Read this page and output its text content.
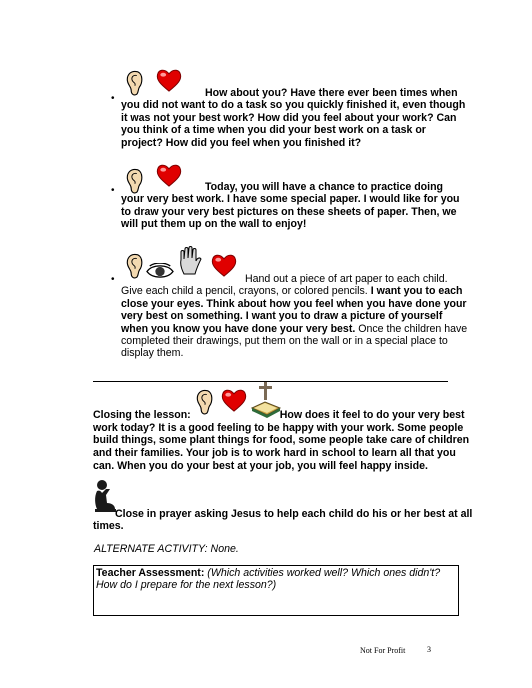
•	How about you? Have there ever been times when you did not want to do a task so you quickly finished it, even though it was not your best work? How did you feel about your work? Can you think of a time when you did your best work on a task or project? How did you feel when you finished it?
•	Today, you will have a chance to practice doing your very best work. I have some special paper. I would like for you to draw your very best pictures on these sheets of paper. Then, we will put them up on the wall to enjoy!
•	Hand out a piece of art paper to each child. Give each child a pencil, crayons, or colored pencils. I want you to each close your eyes. Think about how you feel when you have done your very best on something. I want you to draw a picture of yourself when you know you have done your very best. Once the children have completed their drawings, put them on the wall or in a special place to display them.
Closing the lesson:	How does it feel to do your very best work today? It is a good feeling to be happy with your work. Some people build things, some plant things for food, some people take care of children and their families. Your job is to work hard in school to learn all that you can. When you do your best at your job, you will feel happy inside.
Close in prayer asking Jesus to help each child do his or her best at all times.
ALTERNATE ACTIVITY: None.
Teacher Assessment: (Which activities worked well? Which ones didn't? How do I prepare for the next lesson?)
Not For Profit	3
